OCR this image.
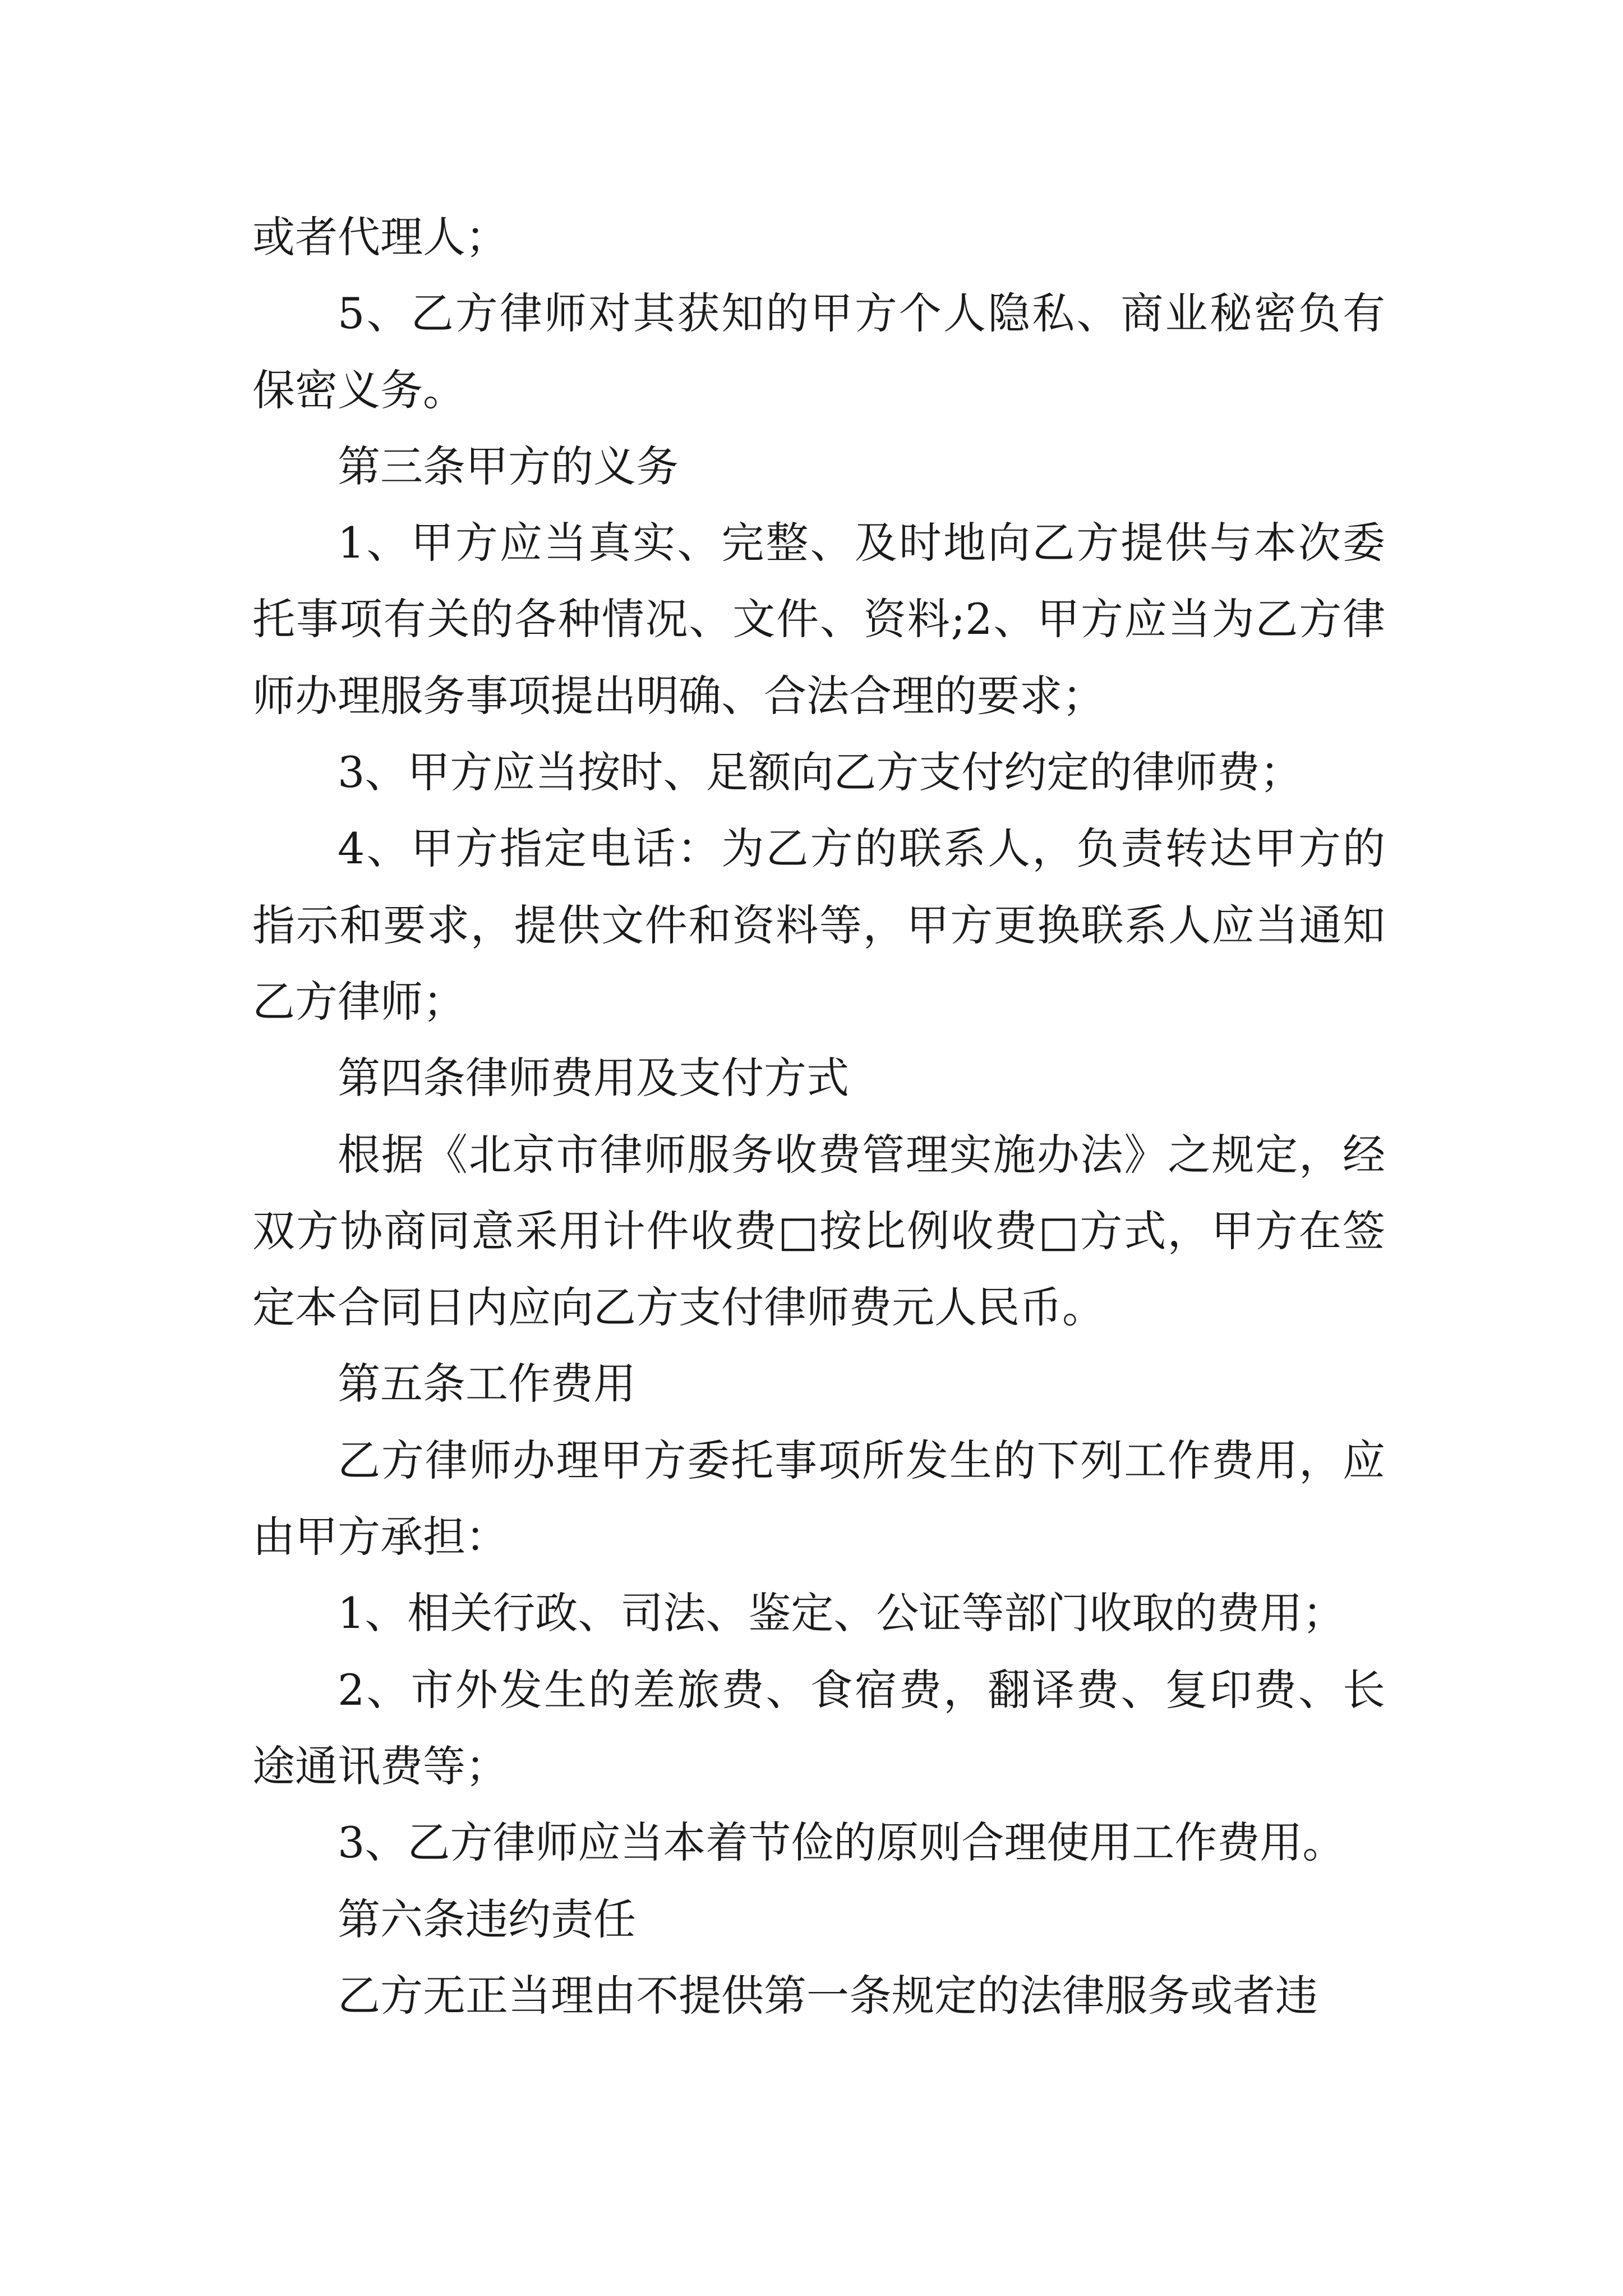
或者代理人；

5、乙方律师对其获知的甲方个人隐私、商业秘密负有保密义务。

第三条甲方的义务

1、甲方应当真实、完整、及时地向乙方提供与本次委托事项有关的各种情况、文件、资料;2、甲方应当为乙方律师办理服务事项提出明确、合法合理的要求；

3、甲方应当按时、足额向乙方支付约定的律师费；

4、甲方指定电话：为乙方的联系人，负责转达甲方的指示和要求，提供文件和资料等，甲方更换联系人应当通知乙方律师；

第四条律师费用及支付方式

根据《北京市律师服务收费管理实施办法》之规定，经双方协商同意采用计件收费□按比例收费□方式，甲方在签定本合同日内应向乙方支付律师费元人民币。

第五条工作费用

乙方律师办理甲方委托事项所发生的下列工作费用，应由甲方承担：

1、相关行政、司法、鉴定、公证等部门收取的费用；

2、市外发生的差旅费、食宿费，翻译费、复印费、长途通讯费等；

3、乙方律师应当本着节俭的原则合理使用工作费用。

第六条违约责任

乙方无正当理由不提供第一条规定的法律服务或者违
